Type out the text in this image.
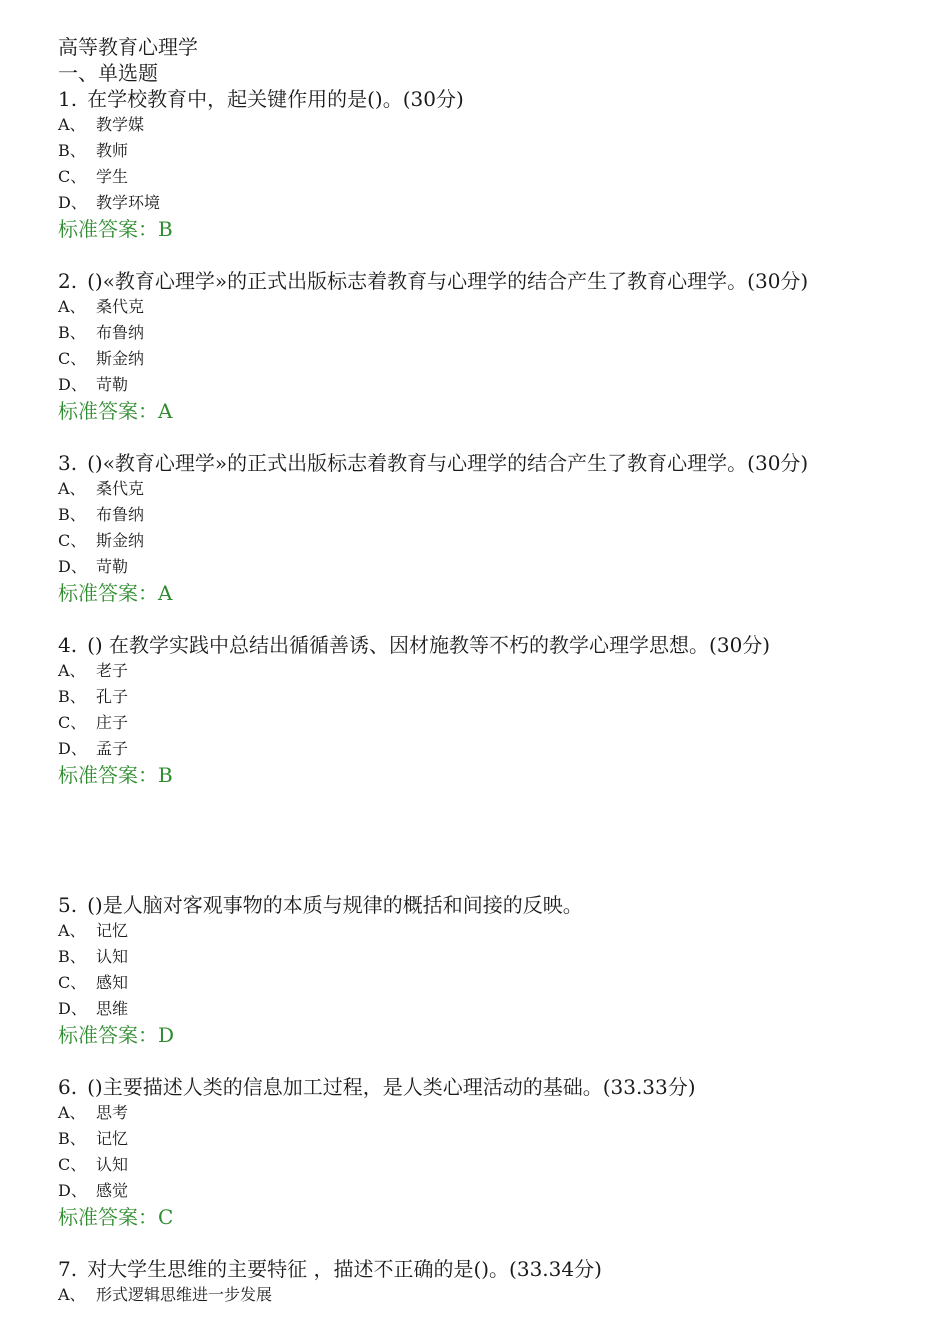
高等教育心理学
一、单选题
1. 在学校教育中，起关键作用的是()。(30分)
A、 教学媒
B、 教师
C、 学生
D、 教学环境
标准答案：B
2. ()«教育心理学»的正式出版标志着教育与心理学的结合产生了教育心理学。(30分)
A、 桑代克
B、 布鲁纳
C、 斯金纳
D、 苛勒
标准答案：A
3. ()«教育心理学»的正式出版标志着教育与心理学的结合产生了教育心理学。(30分)
A、 桑代克
B、 布鲁纳
C、 斯金纳
D、 苛勒
标准答案：A
4. () 在教学实践中总结出循循善诱、因材施教等不朽的教学心理学思想。(30分)
A、 老子
B、 孔子
C、 庄子
D、 孟子
标准答案：B
5. ()是人脑对客观事物的本质与规律的概括和间接的反映。
A、 记忆
B、 认知
C、 感知
D、 思维
标准答案：D
6. ()主要描述人类的信息加工过程，是人类心理活动的基础。(33.33分)
A、 思考
B、 记忆
C、 认知
D、 感觉
标准答案：C
7. 对大学生思维的主要特征 ，描述不正确的是()。(33.34分)
A、 形式逻辑思维进一步发展
